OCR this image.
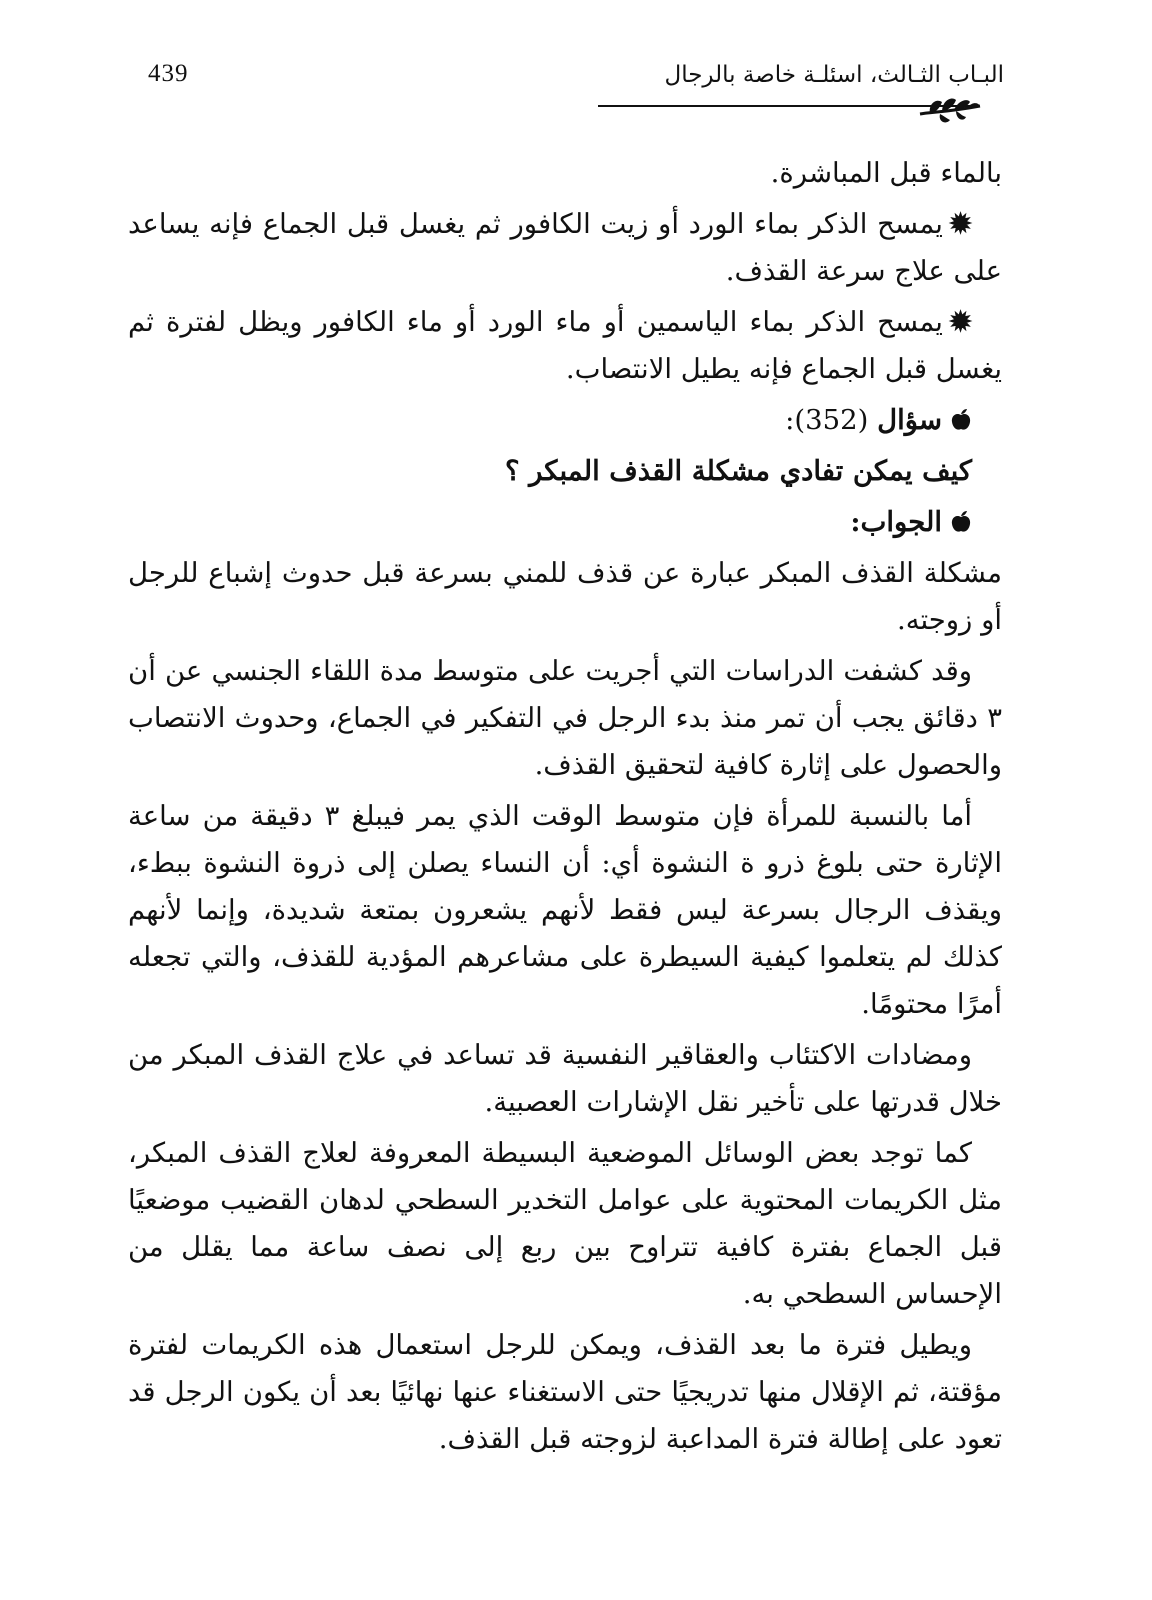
439	البـاب الثـالث، اسئلـة خاصة بالرجال

بالماء قبل المباشرة.

✹يمسح الذكر بماء الورد أو زيت الكافور ثم يغسل قبل الجماع فإنه يساعد على علاج سرعة القذف.

✹يمسح الذكر بماء الياسمين أو ماء الورد أو ماء الكافور ويظل لفترة ثم يغسل قبل الجماع فإنه يطيل الانتصاب.

سؤال (352):

كيف يمكن تفادي مشكلة القذف المبكر ؟

الجواب:

مشكلة القذف المبكر عبارة عن قذف للمني بسرعة قبل حدوث إشباع للرجل أو زوجته.

وقد كشفت الدراسات التي أجريت على متوسط مدة اللقاء الجنسي عن أن ٣ دقائق يجب أن تمر منذ بدء الرجل في التفكير في الجماع، وحدوث الانتصاب والحصول على إثارة كافية لتحقيق القذف.

أما بالنسبة للمرأة فإن متوسط الوقت الذي يمر فيبلغ ٣ دقيقة من ساعة الإثارة حتى بلوغ ذرو ة النشوة أي: أن النساء يصلن إلى ذروة النشوة ببطء، ويقذف الرجال بسرعة ليس فقط لأنهم يشعرون بمتعة شديدة، وإنما لأنهم كذلك لم يتعلموا كيفية السيطرة على مشاعرهم المؤدية للقذف، والتي تجعله أمرًا محتومًا.

ومضادات الاكتئاب والعقاقير النفسية قد تساعد في علاج القذف المبكر من خلال قدرتها على تأخير نقل الإشارات العصبية.

كما توجد بعض الوسائل الموضعية البسيطة المعروفة لعلاج القذف المبكر، مثل الكريمات المحتوية على عوامل التخدير السطحي لدهان القضيب موضعيًا قبل الجماع بفترة كافية تتراوح بين ربع إلى نصف ساعة مما يقلل من الإحساس السطحي به.

ويطيل فترة ما بعد القذف، ويمكن للرجل استعمال هذه الكريمات لفترة مؤقتة، ثم الإقلال منها تدريجيًا حتى الاستغناء عنها نهائيًا بعد أن يكون الرجل قد تعود على إطالة فترة المداعبة لزوجته قبل القذف.
